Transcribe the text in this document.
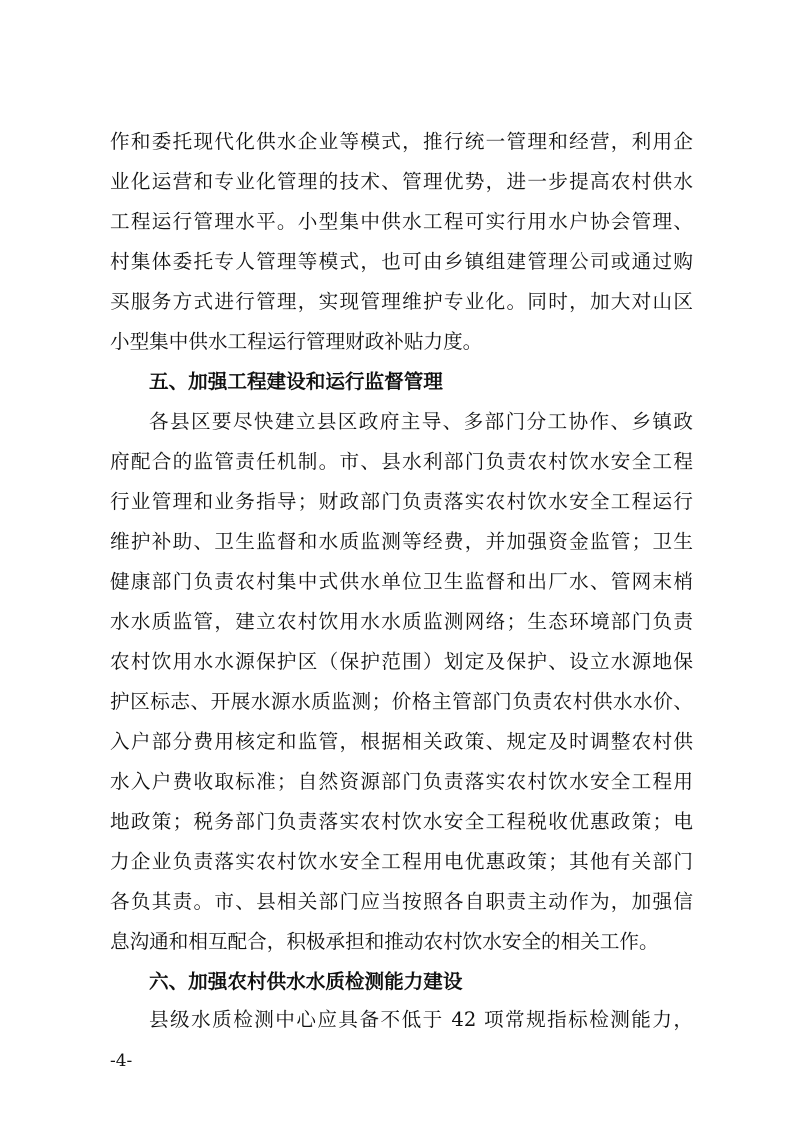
作和委托现代化供水企业等模式，推行统一管理和经营，利用企
业化运营和专业化管理的技术、管理优势，进一步提高农村供水
工程运行管理水平。小型集中供水工程可实行用水户协会管理、
村集体委托专人管理等模式，也可由乡镇组建管理公司或通过购
买服务方式进行管理，实现管理维护专业化。同时，加大对山区
小型集中供水工程运行管理财政补贴力度。
五、加强工程建设和运行监督管理
各县区要尽快建立县区政府主导、多部门分工协作、乡镇政
府配合的监管责任机制。市、县水利部门负责农村饮水安全工程
行业管理和业务指导；财政部门负责落实农村饮水安全工程运行
维护补助、卫生监督和水质监测等经费，并加强资金监管；卫生
健康部门负责农村集中式供水单位卫生监督和出厂水、管网末梢
水水质监管，建立农村饮用水水质监测网络；生态环境部门负责
农村饮用水水源保护区（保护范围）划定及保护、设立水源地保
护区标志、开展水源水质监测；价格主管部门负责农村供水水价、
入户部分费用核定和监管，根据相关政策、规定及时调整农村供
水入户费收取标准；自然资源部门负责落实农村饮水安全工程用
地政策；税务部门负责落实农村饮水安全工程税收优惠政策；电
力企业负责落实农村饮水安全工程用电优惠政策；其他有关部门
各负其责。市、县相关部门应当按照各自职责主动作为，加强信
息沟通和相互配合，积极承担和推动农村饮水安全的相关工作。
六、加强农村供水水质检测能力建设
县级水质检测中心应具备不低于 42 项常规指标检测能力，
-4-
